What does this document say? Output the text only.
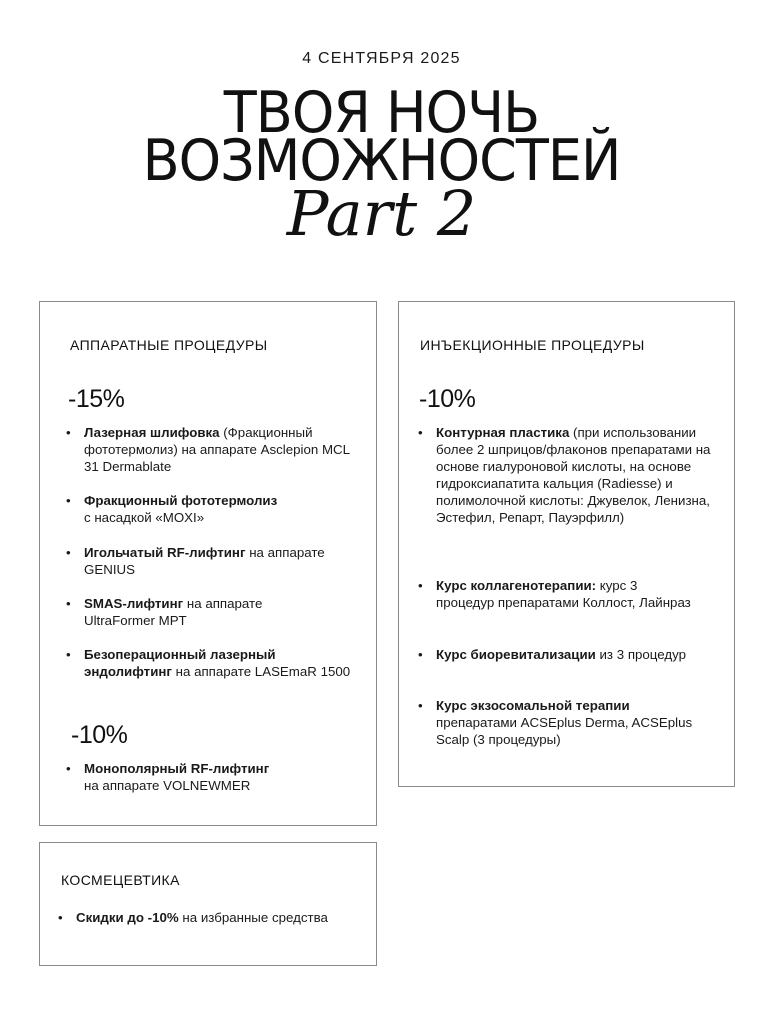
4 СЕНТЯБРЯ 2025
ТВОЯ НОЧЬ
ВОЗМОЖНОСТЕЙ
Part 2
АППАРАТНЫЕ ПРОЦЕДУРЫ
-15%
• Лазерная шлифовка (Фракционный фототермолиз) на аппарате Asclepion MCL 31 Dermablate
• Фракционный фототермолиз
с насадкой «MOXI»
• Игольчатый RF-лифтинг на аппарате GENIUS
• SMAS-лифтинг на аппарате UltraFormer MPT
• Безоперационный лазерный эндолифтинг на аппарате LASEmaR 1500
-10%
• Монополярный RF-лифтинг
на аппарате VOLNEWMER
ИНЪЕКЦИОННЫЕ ПРОЦЕДУРЫ
-10%
• Контурная пластика (при использовании более 2 шприцов/флаконов препаратами на основе гиалуроновой кислоты, на основе гидроксиапатита кальция (Radiesse) и полимолочной кислоты: Джувелок, Ленизна, Эстефил, Репарт, Пауэрфилл)
• Курс коллагенотерапии: курс 3 процедур препаратами Коллост, Лайнраз
• Курс биоревитализации из 3 процедур
• Курс экзосомальной терапии
препаратами ACSEplus Derma, ACSEplus Scalp (3 процедуры)
КОСМЕЦЕВТИКА
• Скидки до -10% на избранные средства
